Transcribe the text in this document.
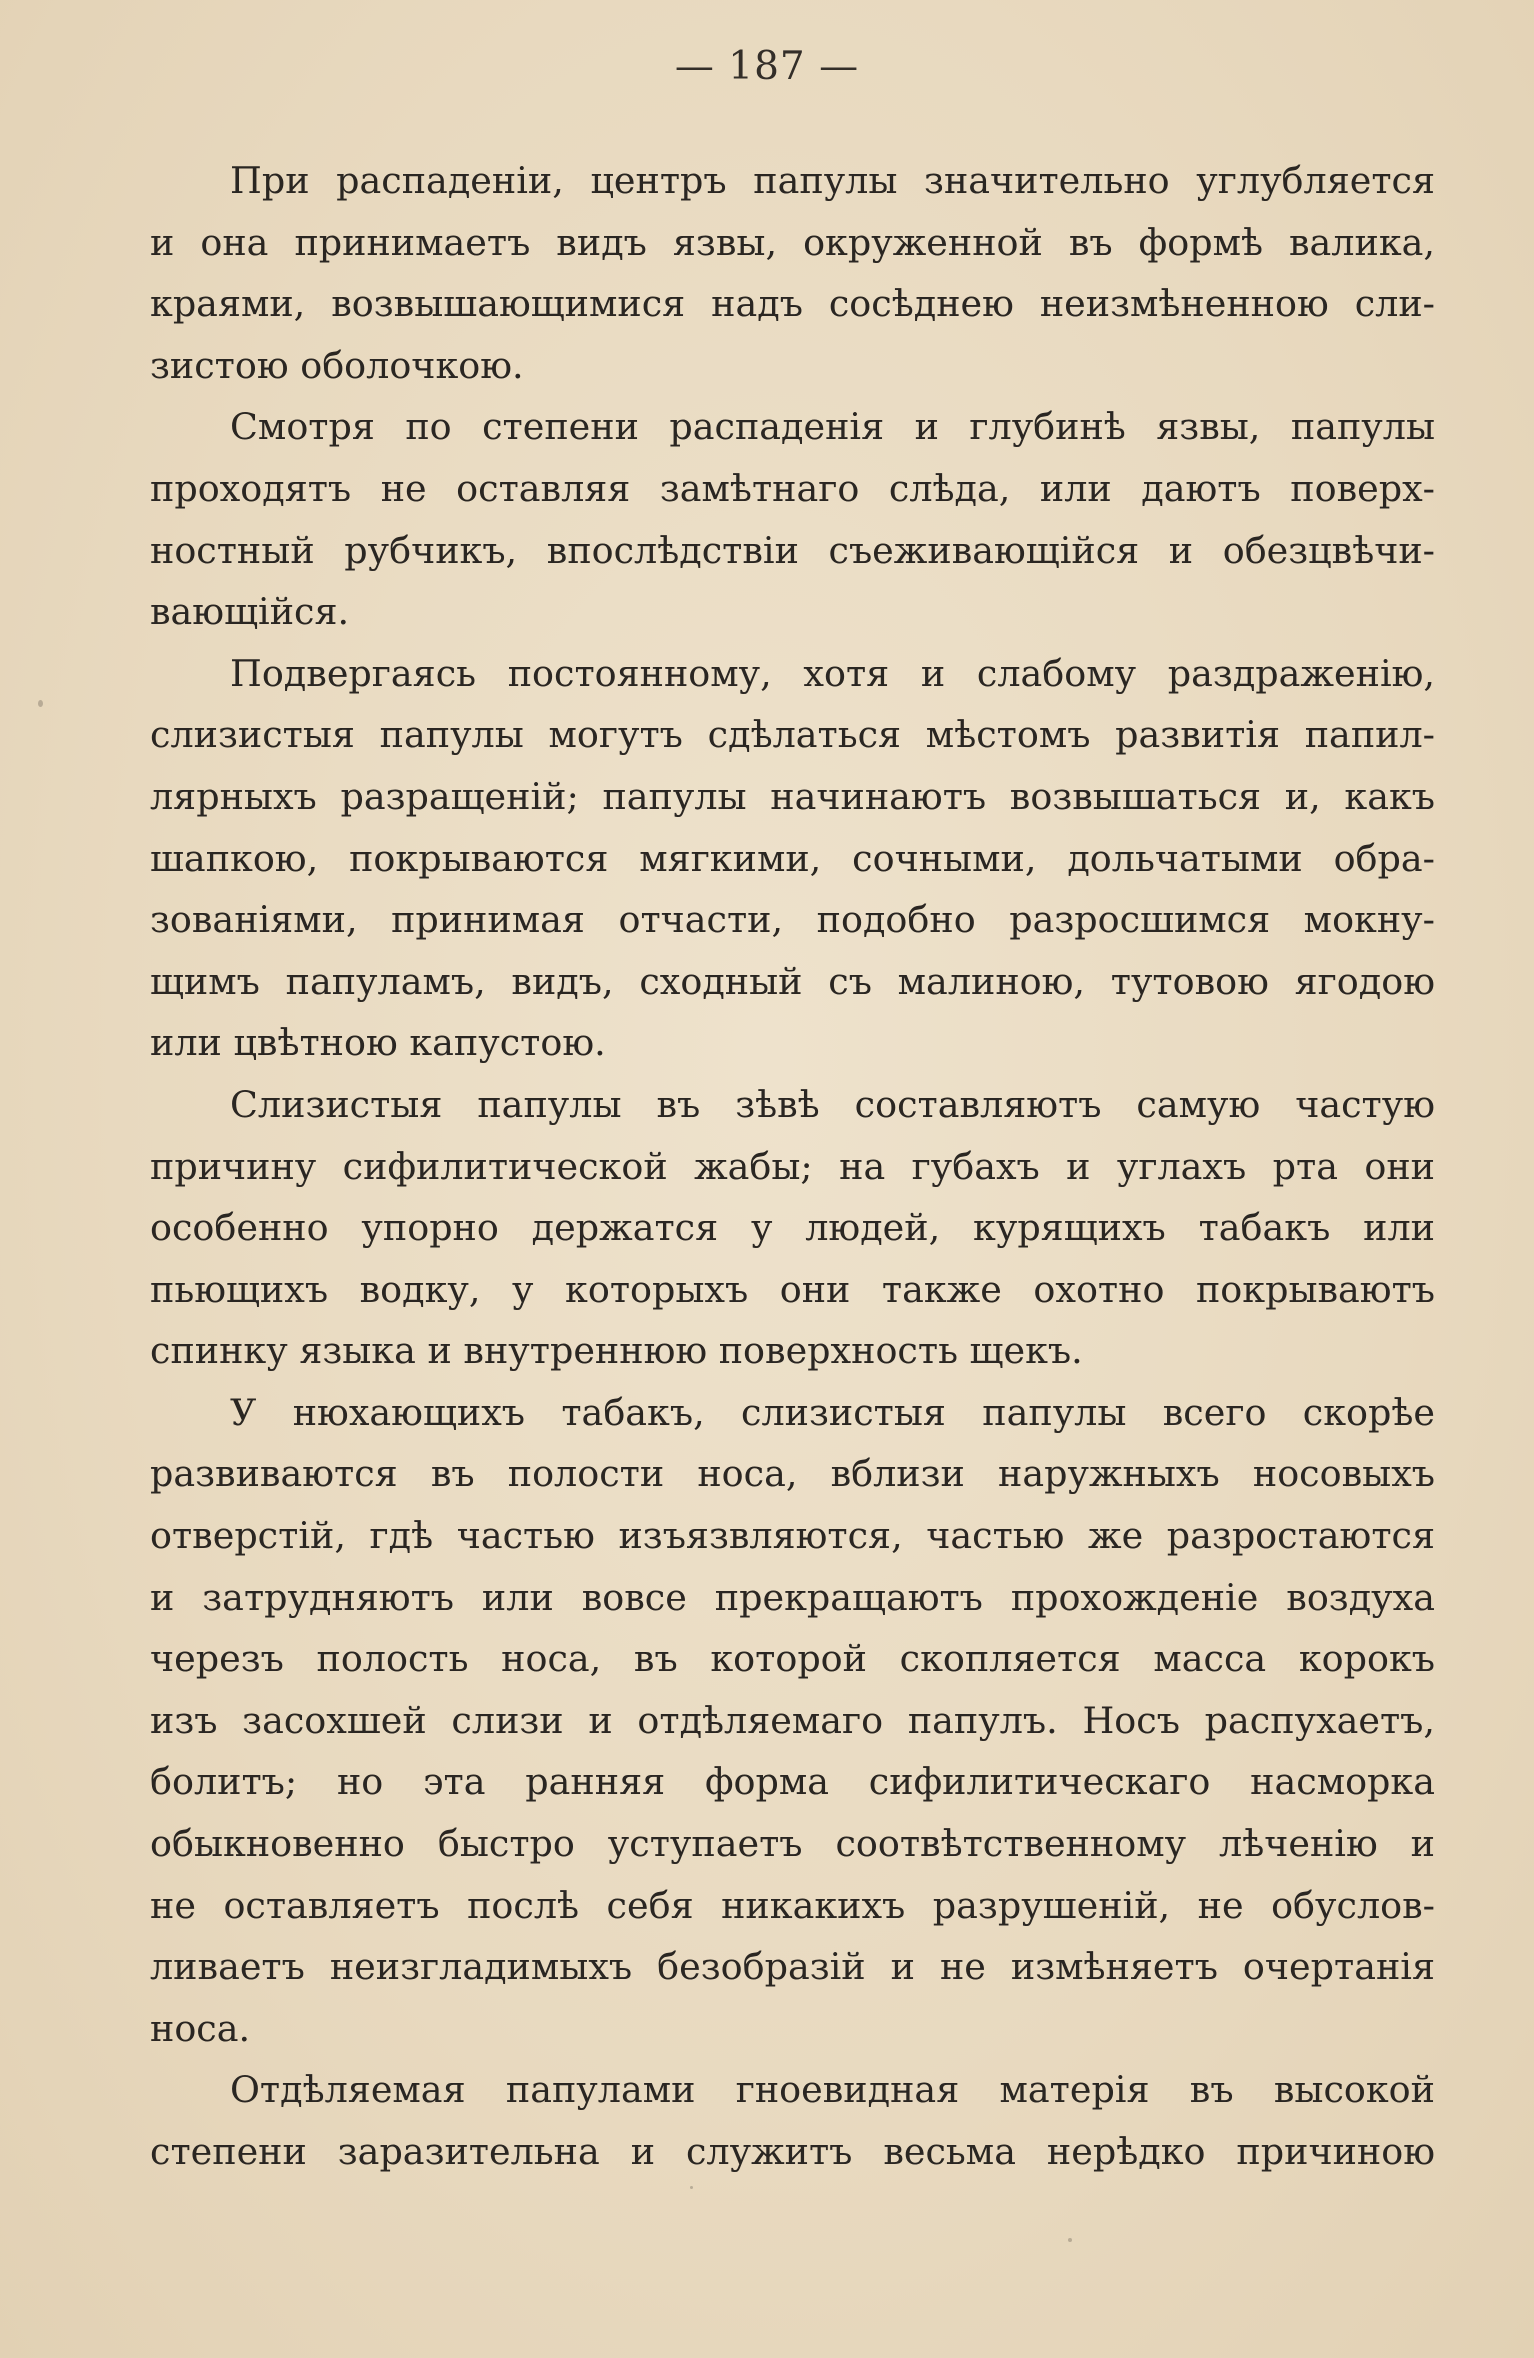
— 187 —
При распаденіи, центръ папулы значительно углубляется
и она принимаетъ видъ язвы, окруженной въ формѣ валика,
краями, возвышающимися надъ сосѣднею неизмѣненною сли-
зистою оболочкою.
Смотря по степени распаденія и глубинѣ язвы, папулы
проходятъ не оставляя замѣтнаго слѣда, или даютъ поверх-
ностный рубчикъ, впослѣдствіи съеживающійся и обезцвѣчи-
вающійся.
Подвергаясь постоянному, хотя и слабому раздраженію,
слизистыя папулы могутъ сдѣлаться мѣстомъ развитія папил-
лярныхъ разращеній; папулы начинаютъ возвышаться и, какъ
шапкою, покрываются мягкими, сочными, дольчатыми обра-
зованіями, принимая отчасти, подобно разросшимся мокну-
щимъ папуламъ, видъ, сходный съ малиною, тутовою ягодою
или цвѣтною капустою.
Слизистыя папулы въ зѣвѣ составляютъ самую частую
причину сифилитической жабы; на губахъ и углахъ рта они
особенно упорно держатся у людей, курящихъ табакъ или
пьющихъ водку, у которыхъ они также охотно покрываютъ
спинку языка и внутреннюю поверхность щекъ.
У нюхающихъ табакъ, слизистыя папулы всего скорѣе
развиваются въ полости носа, вблизи наружныхъ носовыхъ
отверстій, гдѣ частью изъязвляются, частью же разростаются
и затрудняютъ или вовсе прекращаютъ прохожденіе воздуха
черезъ полость носа, въ которой скопляется масса корокъ
изъ засохшей слизи и отдѣляемаго папулъ. Носъ распухаетъ,
болитъ; но эта ранняя форма сифилитическаго насморка
обыкновенно быстро уступаетъ соотвѣтственному лѣченію и
не оставляетъ послѣ себя никакихъ разрушеній, не обуслов-
ливаетъ неизгладимыхъ безобразій и не измѣняетъ очертанія
носа.
Отдѣляемая папулами гноевидная матерія въ высокой
степени заразительна и служитъ весьма нерѣдко причиною
